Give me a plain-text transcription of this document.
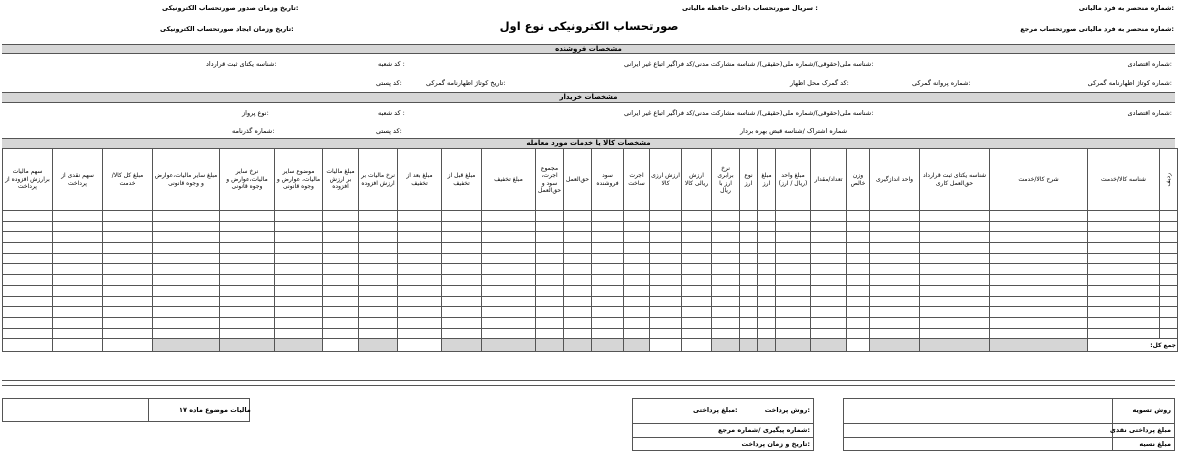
تاریخ وزمان صدور صورتحساب الکترونیکی:
تاریخ وزمان ایجاد صورتحساب الکترونیکی:
سریال صورتحساب داخلی حافظه مالیاتی :	شماره منحصر به فرد مالیاتی:
شماره منحصر به فرد مالیاتی صورتحساب مرجع:
صورتحساب الکترونیکی نوع اول
مشخصات فروشنده
شماره اقتصادی:
شناسه ملی(حقوقی)/شماره ملی(حقیقی)/ شناسه مشارکت مدنی/کد فراگیر اتباع غیر ایرانی:
کد شعبه :
شناسه یکتای ثبت قرارداد:
شماره کوتاژ اظهارنامه گمرکی:
شماره پروانه گمرکی:
کد گمرک محل اظهار:
تاریخ کوتاژ اظهارنامه گمرکی:
کد پستی:
مشخصات خریدار
شماره اقتصادی:
شناسه ملی(حقوقی)/شماره ملی(حقیقی)/ شناسه مشارکت مدنی/کد فراگیر اتباع غیر ایرانی:
کد شعبه :
نوع پرواز:
شماره اشتراک /شناسه قبض بهره بردار
کد پستی:
شماره گذرنامه:
مشخصات کالا یا خدمات مورد معامله
ردیف	شناسه کالا/خدمت	شرح کالا/خدمت	شناسه یکتای ثبت قرارداد حق‌العمل کاری	واحد اندازگیری	وزن خالص	تعداد/مقدار	مبلغ واحد (ریال / ارز)	مبلغ ارز	نوع ارز	نرخ برابری ارز با ریال	ارزش ریالی کالا	ارزش ارزی کالا	اجرت ساخت	سود فروشنده	حق‌العمل	مجموع اجرت، سود و حق‌العمل	مبلغ تخفیف	مبلغ قبل از تخفیف	مبلغ بعد از تخفیف	نرخ مالیات بر ارزش افزوده	مبلغ مالیات بر ارزش افزوده	موضوع سایر مالیات، عوارض و وجوه قانونی	نرخ سایر مالیات،عوارض و وجوه قانونی	مبلغ سایر مالیات،عوارض و وجوه قانونی	مبلغ کل کالا/خدمت	سهم نقدی از پرداخت	سهم مالیات برارزش افزوده از پرداخت

جمع کل:																											
مالیات موضوع ماده ۱۷	روش پرداخت:
مبلغ پرداختی:
شماره پیگیری /شماره مرجع:
تاریخ و زمان پرداخت:
روش تسویه
مبلغ پرداختی نقدی
مبلغ نسیه
